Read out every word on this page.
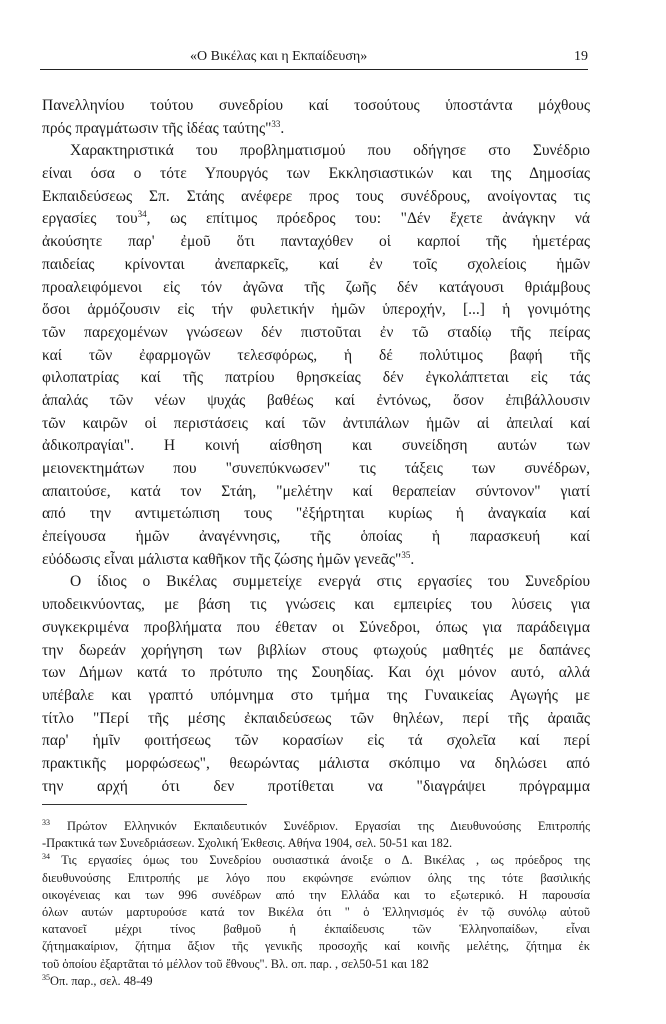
«Ο Βικέλας και η Εκπαίδευση»	19
Πανελληνίου τούτου συνεδρίου καί τοσούτους ὑποστάντα μόχθους
πρός πραγμάτωσιν τῆς ἰδέας ταύτης"$^{33}$.
Χαρακτηριστικά του προβληματισμού που οδήγησε στο Συνέδριο
είναι όσα ο τότε Υπουργός των Εκκλησιαστικών και της Δημοσίας
Εκπαιδεύσεως Σπ. Στάης ανέφερε προς τους συνέδρους, ανοίγοντας τις
εργασίες του$^{34}$, ως επίτιμος πρόεδρος του: "Δέν ἔχετε ἀνάγκην νά
ἀκούσητε παρ' ἐμοῦ ὅτι πανταχόθεν οἱ καρποί τῆς ἡμετέρας
παιδείας κρίνονται ἀνεπαρκεῖς, καί ἐν τοῖς σχολείοις ἡμῶν
προαλειφόμενοι εἰς τόν ἀγῶνα τῆς ζωῆς δέν κατάγουσι θριάμβους
ὅσοι ἁρμόζουσιν εἰς τήν φυλετικήν ἡμῶν ὑπεροχήν, [...] ἡ γονιμότης
τῶν παρεχομένων γνώσεων δέν πιστοῦται ἐν τῶ σταδίῳ τῆς πείρας
καί τῶν ἐφαρμογῶν τελεσφόρως, ἡ δέ πολύτιμος βαφή τῆς
φιλοπατρίας καί τῆς πατρίου θρησκείας δέν ἐγκολάπτεται εἰς τάς
ἁπαλάς τῶν νέων ψυχάς βαθέως καί ἐντόνως, ὅσον ἐπιβάλλουσιν
τῶν καιρῶν οἱ περιστάσεις καί τῶν ἀντιπάλων ἡμῶν αἱ ἀπειλαί καί
ἀδικοπραγίαι". Η κοινή αίσθηση και συνείδηση αυτών των
μειονεκτημάτων που "συνεπύκνωσεν" τις τάξεις των συνέδρων,
απαιτούσε, κατά τον Στάη, "μελέτην καί θεραπείαν σύντονον" γιατί
από την αντιμετώπιση τους "ἐξήρτηται κυρίως ἡ ἀναγκαία καί
ἐπείγουσα ἡμῶν ἀναγέννησις, τῆς ὁποίας ἡ παρασκευή καί
εὐόδωσις εἶναι μάλιστα καθῆκον τῆς ζώσης ἡμῶν γενεᾶς"$^{35}$.
Ο ίδιος ο Βικέλας συμμετείχε ενεργά στις εργασίες του Συνεδρίου
υποδεικνύοντας, με βάση τις γνώσεις και εμπειρίες του λύσεις για
συγκεκριμένα προβλήματα που έθεταν οι Σύνεδροι, όπως για παράδειγμα
την δωρεάν χορήγηση των βιβλίων στους φτωχούς μαθητές με δαπάνες
των Δήμων κατά το πρότυπο της Σουηδίας. Και όχι μόνον αυτό, αλλά
υπέβαλε και γραπτό υπόμνημα στο τμήμα της Γυναικείας Αγωγής με
τίτλο "Περί τῆς μέσης ἐκπαιδεύσεως τῶν θηλέων, περί τῆς ἀραιᾶς
παρ' ἡμῖν φοιτήσεως τῶν κορασίων εἰς τά σχολεῖα καί περί
πρακτικῆς μορφώσεως", θεωρώντας μάλιστα σκόπιμο να δηλώσει από
την αρχή ότι δεν προτίθεται να "διαγράψει πρόγραμμα
$^{33}$ Πρώτον Ελληνικόν Εκπαιδευτικόν Συνέδριον. Εργασίαι της Διευθυνούσης Επιτροπής
-Πρακτικά των Συνεδριάσεων. Σχολική Έκθεσις. Αθήνα 1904, σελ. 50-51 και 182.
$^{34}$ Τις εργασίες όμως του Συνεδρίου ουσιαστικά άνοιξε ο Δ. Βικέλας , ως πρόεδρος της
διευθυνούσης Επιτροπής με λόγο που εκφώνησε ενώπιον όλης της τότε βασιλικής
οικογένειας και των 996 συνέδρων από την Ελλάδα και το εξωτερικό. Η παρουσία
όλων αυτών μαρτυρούσε κατά τον Βικέλα ότι " ὁ Ἑλληνισμός ἐν τῷ συνόλῳ αὐτοῦ
κατανοεῖ μέχρι τίνος βαθμοῦ ἡ ἐκπαίδευσις τῶν Ἑλληνοπαίδων, εἶναι
ζήτημακαίριον, ζήτημα ἄξιον τῆς γενικῆς προσοχῆς καί κοινῆς μελέτης, ζήτημα ἐκ
τοῦ ὁποίου ἐξαρτᾶται τό μέλλον τοῦ ἔθνους". Βλ. οπ. παρ. , σελ50-51 και 182
$^{35}$Οπ. παρ., σελ. 48-49
